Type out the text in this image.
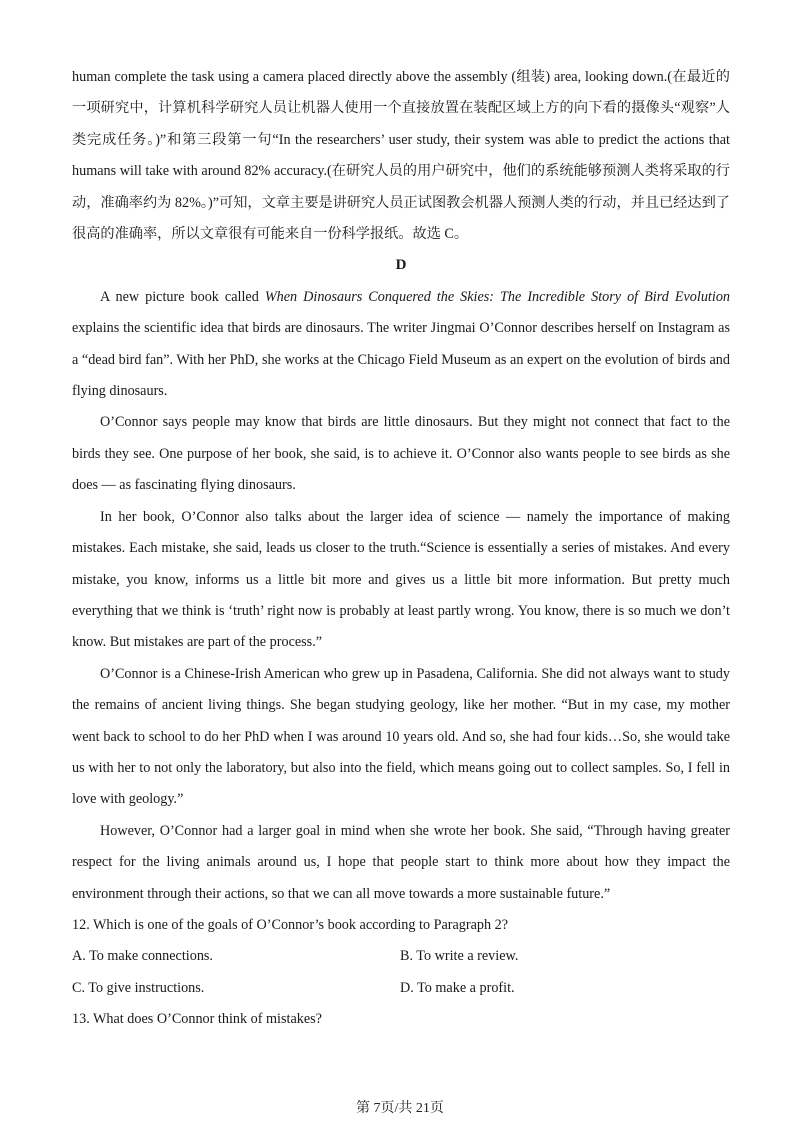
human complete the task using a camera placed directly above the assembly (组装) area, looking down.(在最近的一项研究中，计算机科学研究人员让机器人使用一个直接放置在装配区域上方的向下看的摄像头“观察”人类完成任务。)”和第三段第一句“In the researchers’ user study, their system was able to predict the actions that humans will take with around 82% accuracy.(在研究人员的用户研究中，他们的系统能够预测人类将采取的行动，准确率约为 82%。)”可知，文章主要是讲研究人员正试图教会机器人预测人类的行动，并且已经达到了很高的准确率，所以文章很有可能来自一份科学报纸。故选 C。

D

A new picture book called When Dinosaurs Conquered the Skies: The Incredible Story of Bird Evolution explains the scientific idea that birds are dinosaurs. The writer Jingmai O’Connor describes herself on Instagram as a “dead bird fan”. With her PhD, she works at the Chicago Field Museum as an expert on the evolution of birds and flying dinosaurs.

O’Connor says people may know that birds are little dinosaurs. But they might not connect that fact to the birds they see. One purpose of her book, she said, is to achieve it. O’Connor also wants people to see birds as she does — as fascinating flying dinosaurs.

In her book, O’Connor also talks about the larger idea of science — namely the importance of making mistakes. Each mistake, she said, leads us closer to the truth.“Science is essentially a series of mistakes. And every mistake, you know, informs us a little bit more and gives us a little bit more information. But pretty much everything that we think is ‘truth’ right now is probably at least partly wrong. You know, there is so much we don’t know. But mistakes are part of the process.”

O’Connor is a Chinese-Irish American who grew up in Pasadena, California. She did not always want to study the remains of ancient living things. She began studying geology, like her mother. “But in my case, my mother went back to school to do her PhD when I was around 10 years old. And so, she had four kids…So, she would take us with her to not only the laboratory, but also into the field, which means going out to collect samples. So, I fell in love with geology.”

However, O’Connor had a larger goal in mind when she wrote her book. She said, “Through having greater respect for the living animals around us, I hope that people start to think more about how they impact the environment through their actions, so that we can all move towards a more sustainable future.”

12. Which is one of the goals of O’Connor’s book according to Paragraph 2?

A. To make connections.	B. To write a review.
C. To give instructions.	D. To make a profit.

13. What does O’Connor think of mistakes?

第 7页/共 21页
